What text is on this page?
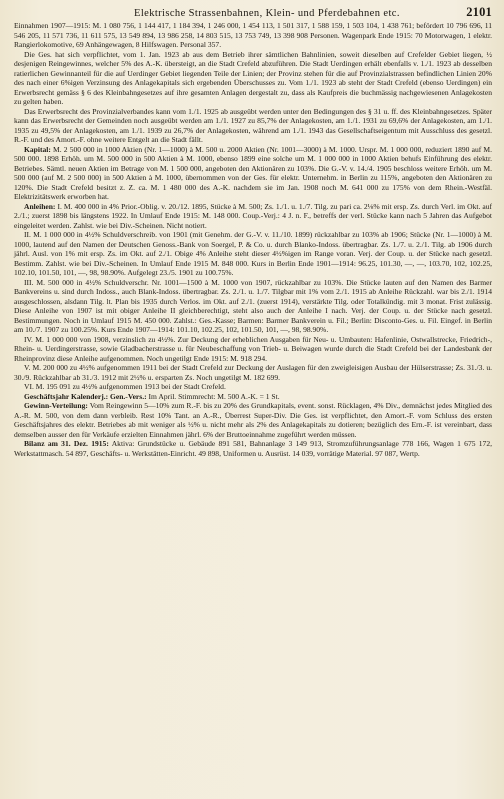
Elektrische Strassenbahnen, Klein- und Pferdebahnen etc.	2101

Einnahmen 1907—1915: M. 1 080 756, 1 144 417, 1 184 394, 1 246 000, 1 454 113, 1 501 317, 1 588 159, 1 503 104, 1 438 761; befördert 10 796 696, 11 546 205, 11 571 736, 11 611 575, 13 549 894, 13 986 258, 14 803 515, 13 753 749, 13 398 908 Personen. Wagenpark Ende 1915: 70 Motorwagen, 1 elektr. Rangierlokomotive, 69 Anhängewagen, 8 Hilfswagen. Personal 357.

Die Ges. hat sich verpflichtet, vom 1. Jan. 1923 ab aus dem Betrieb ihrer sämtlichen Bahnlinien, soweit dieselben auf Crefelder Gebiet liegen, ½ desjenigen Reingewinnes, welcher 5% des A.-K. übersteigt, an die Stadt Crefeld abzuführen. Die Stadt Uerdingen erhält ebenfalls v. 1./1. 1923 ab desselben ratierlichen Gewinnanteil für die auf Uerdinger Gebiet liegenden Teile der Linien; der Provinz stehen für die auf Provinzialstrassen befindlichen Linien 20% des nach einer 6%igen Verzinsung des Anlagekapitals sich ergebenden Überschusses zu. Vom 1./1. 1923 ab steht der Stadt Crefeld (ebenso Uerdingen) ein Erwerbsrecht gemäss § 6 des Kleinbahngesetzes auf ihre gesamten Anlagen dergestalt zu, dass als Kaufpreis die buchmässig nachgewiesenen Anlagekosten zu gelten haben.

Das Erwerbsrecht des Provinzialverbandes kann vom 1./1. 1925 ab ausgeübt werden unter den Bedingungen des § 31 u. ff. des Kleinbahngesetzes. Später kann das Erwerbsrecht der Gemeinden noch ausgeübt werden am 1./1. 1927 zu 85,7% der Anlagekosten, am 1./1. 1931 zu 69,6% der Anlagekosten, am 1./1. 1935 zu 49,5% der Anlagekosten, am 1./1. 1939 zu 26,7% der Anlagekosten, während am 1./1. 1943 das Gesellschaftseigentum mit Ausschluss des gesetzl. R.-F. und des Amort.-F. ohne weitere Entgelt an die Stadt fällt.

Kapital: M. 2 500 000 in 1000 Aktien (Nr. 1—1000) à M. 500 u. 2000 Aktien (Nr. 1001—3000) à M. 1000. Urspr. M. 1 000 000, reduziert 1890 auf M. 500 000. 1898 Erhöh. um M. 500 000 in 500 Aktien à M. 1000, ebenso 1899 eine solche um M. 1 000 000 in 1000 Aktien behufs Einführung des elektr. Betriebes. Sämtl. neuen Aktien im Betrage von M. 1 500 000, angeboten den Aktionären zu 103%. Die G.-V. v. 14./4. 1905 beschloss weitere Erhöh. um M. 500 000 (auf M. 2 500 000) in 500 Aktien à M. 1000, übernommen von der Ges. für elektr. Unternehm. in Berlin zu 115%, angeboten den Aktionären zu 120%. Die Stadt Crefeld besitzt z. Z. ca. M. 1 480 000 des A.-K. nachdem sie im Jan. 1908 noch M. 641 000 zu 175% von dem Rhein.-Westfäl. Elektrizitätswerk erworben hat.

Anleihen: I. M. 400 000 in 4% Prior.-Oblig. v. 20./12. 1895, Stücke à M. 500; Zs. 1./1. u. 1./7. Tilg. zu pari ca. 2⅛% mit ersp. Zs. durch Verl. im Okt. auf 2./1.; zuerst 1898 bis längstens 1922. In Umlauf Ende 1915: M. 148 000. Coup.-Verj.: 4 J. n. F., betreffs der verl. Stücke kann nach 5 Jahren das Aufgebot eingeleitet werden. Zahlst. wie bei Div.-Scheinen. Nicht notiert.

II. M. 1 000 000 in 4½% Schuldverschreib. von 1901 (mit Genehm. der G.-V. v. 11./10. 1899) rückzahlbar zu 103% ab 1906; Stücke (Nr. 1—1000) à M. 1000, lautend auf den Namen der Deutschen Genoss.-Bank von Soergel, P. & Co. u. durch Blanko-Indoss. übertragbar. Zs. 1./7. u. 2./1. Tilg. ab 1906 durch jährl. Ausl. von 1% mit ersp. Zs. im Okt. auf 2./1. Obige 4% Anleihe steht dieser 4½%igen im Range voran. Verj. der Coup. u. der Stücke nach gesetzl. Bestimm. Zahlst. wie bei Div.-Scheinen. In Umlauf Ende 1915 M. 848 000. Kurs in Berlin Ende 1901—1914: 96.25, 101.30, —, —, 103.70, 102, 102.25, 102.10, 101.50, 101, —, 98, 98.90%. Aufgelegt 23./5. 1901 zu 100.75%.

III. M. 500 000 in 4½% Schuldverschr. Nr. 1001—1500 à M. 1000 von 1907, rückzahlbar zu 103%. Die Stücke lauten auf den Namen des Barmer Bankvereins u. sind durch Indoss., auch Blank-Indoss. übertragbar. Zs. 2./1. u. 1./7. Tilgbar mit 1% vom 2./1. 1915 ab Anleihe Rückzahl. war bis 2./1. 1914 ausgeschlossen, alsdann Tilg. lt. Plan bis 1935 durch Verlos. im Okt. auf 2./1. (zuerst 1914), verstärkte Tilg. oder Totalkündig. mit 3 monat. Frist zulässig. Diese Anleihe von 1907 ist mit obiger Anleihe II gleichberechtigt, steht also auch der Anleihe I nach. Verj. der Coup. u. der Stücke nach gesetzl. Bestimmungen. Noch in Umlauf 1915 M. 450 000. Zahlst.: Ges.-Kasse; Barmen: Barmer Bankverein u. Fil.; Berlin: Disconto-Ges. u. Fil. Eingef. in Berlin am 10./7. 1907 zu 100.25%. Kurs Ende 1907—1914: 101.10, 102.25, 102, 101.50, 101, —, 98, 98.90%.

IV. M. 1 000 000 von 1908, verzinslich zu 4½%. Zur Deckung der erheblichen Ausgaben für Neu- u. Umbauten: Hafenlinie, Ostwallstrecke, Friedrich-, Rhein- u. Uerdingerstrasse, sowie Gladbacherstrasse u. für Neubeschaffung von Trieb- u. Beiwagen wurde durch die Stadt Crefeld bei der Landesbank der Rheinprovinz diese Anleihe aufgenommen. Noch ungetilgt Ende 1915: M. 918 294.

V. M. 200 000 zu 4½% aufgenommen 1911 bei der Stadt Crefeld zur Deckung der Auslagen für den zweigleisigen Ausbau der Hülserstrasse; Zs. 31./3. u. 30./9. Rückzahlbar ab 31./3. 1912 mit 2½% u. ersparten Zs. Noch ungetilgt M. 182 699.

VI. M. 195 091 zu 4½% aufgenommen 1913 bei der Stadt Crefeld.

Geschäftsjahr Kalenderj.: Gen.-Vers.: Im April. Stimmrecht: M. 500 A.-K. = 1 St.

Gewinn-Verteilung: Vom Reingewinn 5—10% zum R.-F. bis zu 20% des Grundkapitals, event. sonst. Rücklagen, 4% Div., demnächst jedes Mitglied des A.-R. M. 500, von dem dann verbleib. Rest 10% Tant. an A.-R., Überrest Super-Div. Die Ges. ist verpflichtet, den Amort.-F. vom Schluss des ersten Geschäftsjahres des elektr. Betriebes ab mit weniger als ½% u. nicht mehr als 2% des Anlagekapitals zu dotieren; bezüglich des Ern.-F. ist vereinbart, dass demselben ausser den für Verkäufe erzielten Einnahmen jährl. 6% der Bruttoeinnahme zugeführt werden müssen.

Bilanz am 31. Dez. 1915: Aktiva: Grundstücke u. Gebäude 891 581, Bahnanlage 3 149 913, Stromzuführungsanlage 778 166, Wagen 1 675 172, Werkstattmasch. 54 897, Geschäfts- u. Werkstätten-Einricht. 49 898, Uniformen u. Ausrüst. 14 039, vorrätige Material. 97 087, Wertp.
